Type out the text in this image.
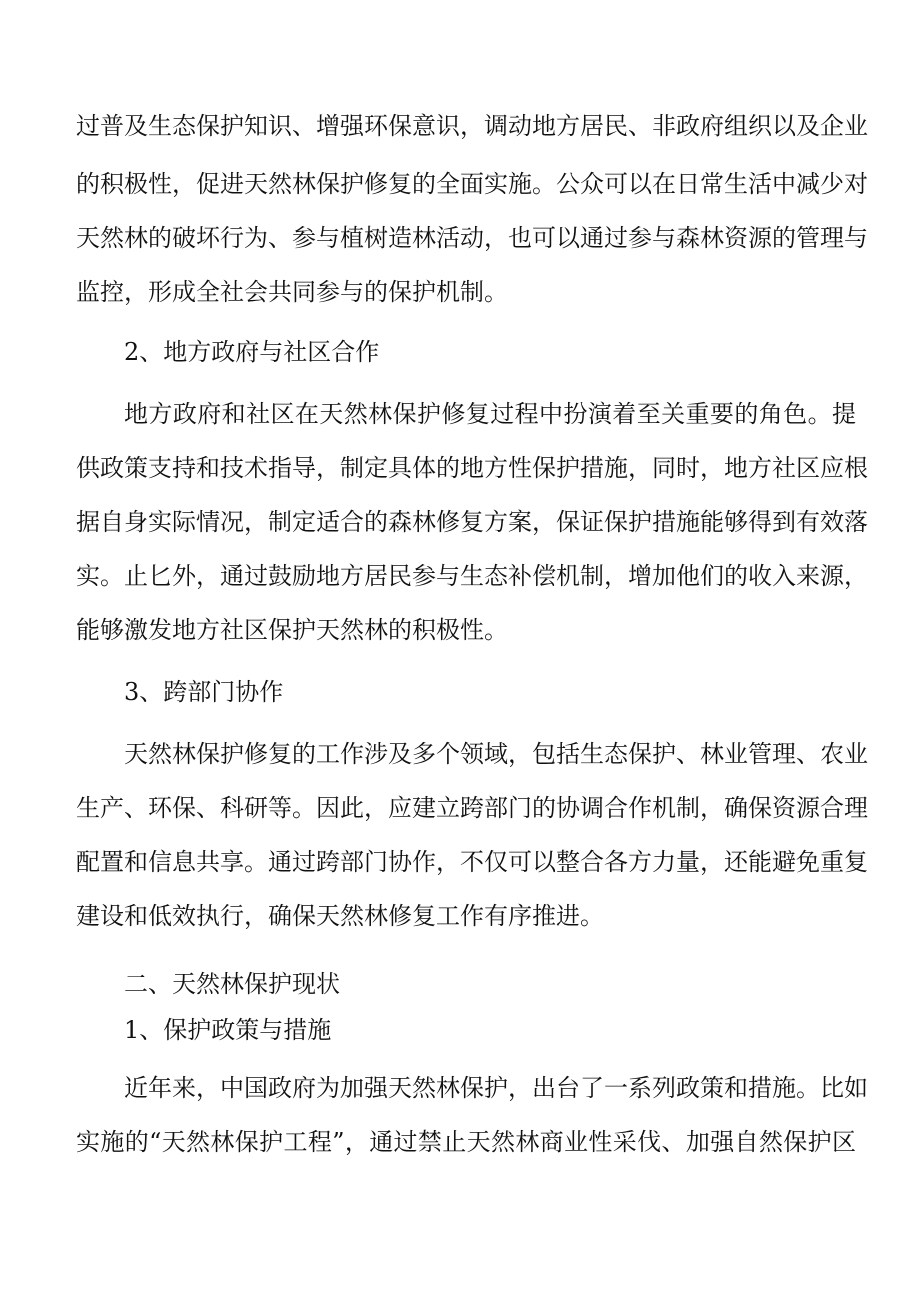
过普及生态保护知识、增强环保意识，调动地方居民、非政府组织以及企业
的积极性，促进天然林保护修复的全面实施。公众可以在日常生活中减少对
天然林的破坏行为、参与植树造林活动，也可以通过参与森林资源的管理与
监控，形成全社会共同参与的保护机制。
2、地方政府与社区合作
地方政府和社区在天然林保护修复过程中扮演着至关重要的角色。提
供政策支持和技术指导，制定具体的地方性保护措施，同时，地方社区应根
据自身实际情况，制定适合的森林修复方案，保证保护措施能够得到有效落
实。止匕外，通过鼓励地方居民参与生态补偿机制，增加他们的收入来源，
能够激发地方社区保护天然林的积极性。
3、跨部门协作
天然林保护修复的工作涉及多个领域，包括生态保护、林业管理、农业
生产、环保、科研等。因此，应建立跨部门的协调合作机制，确保资源合理
配置和信息共享。通过跨部门协作，不仅可以整合各方力量，还能避免重复
建设和低效执行，确保天然林修复工作有序推进。
二、天然林保护现状
1、保护政策与措施
近年来，中国政府为加强天然林保护，出台了一系列政策和措施。比如
实施的“天然林保护工程”，通过禁止天然林商业性采伐、加强自然保护区
